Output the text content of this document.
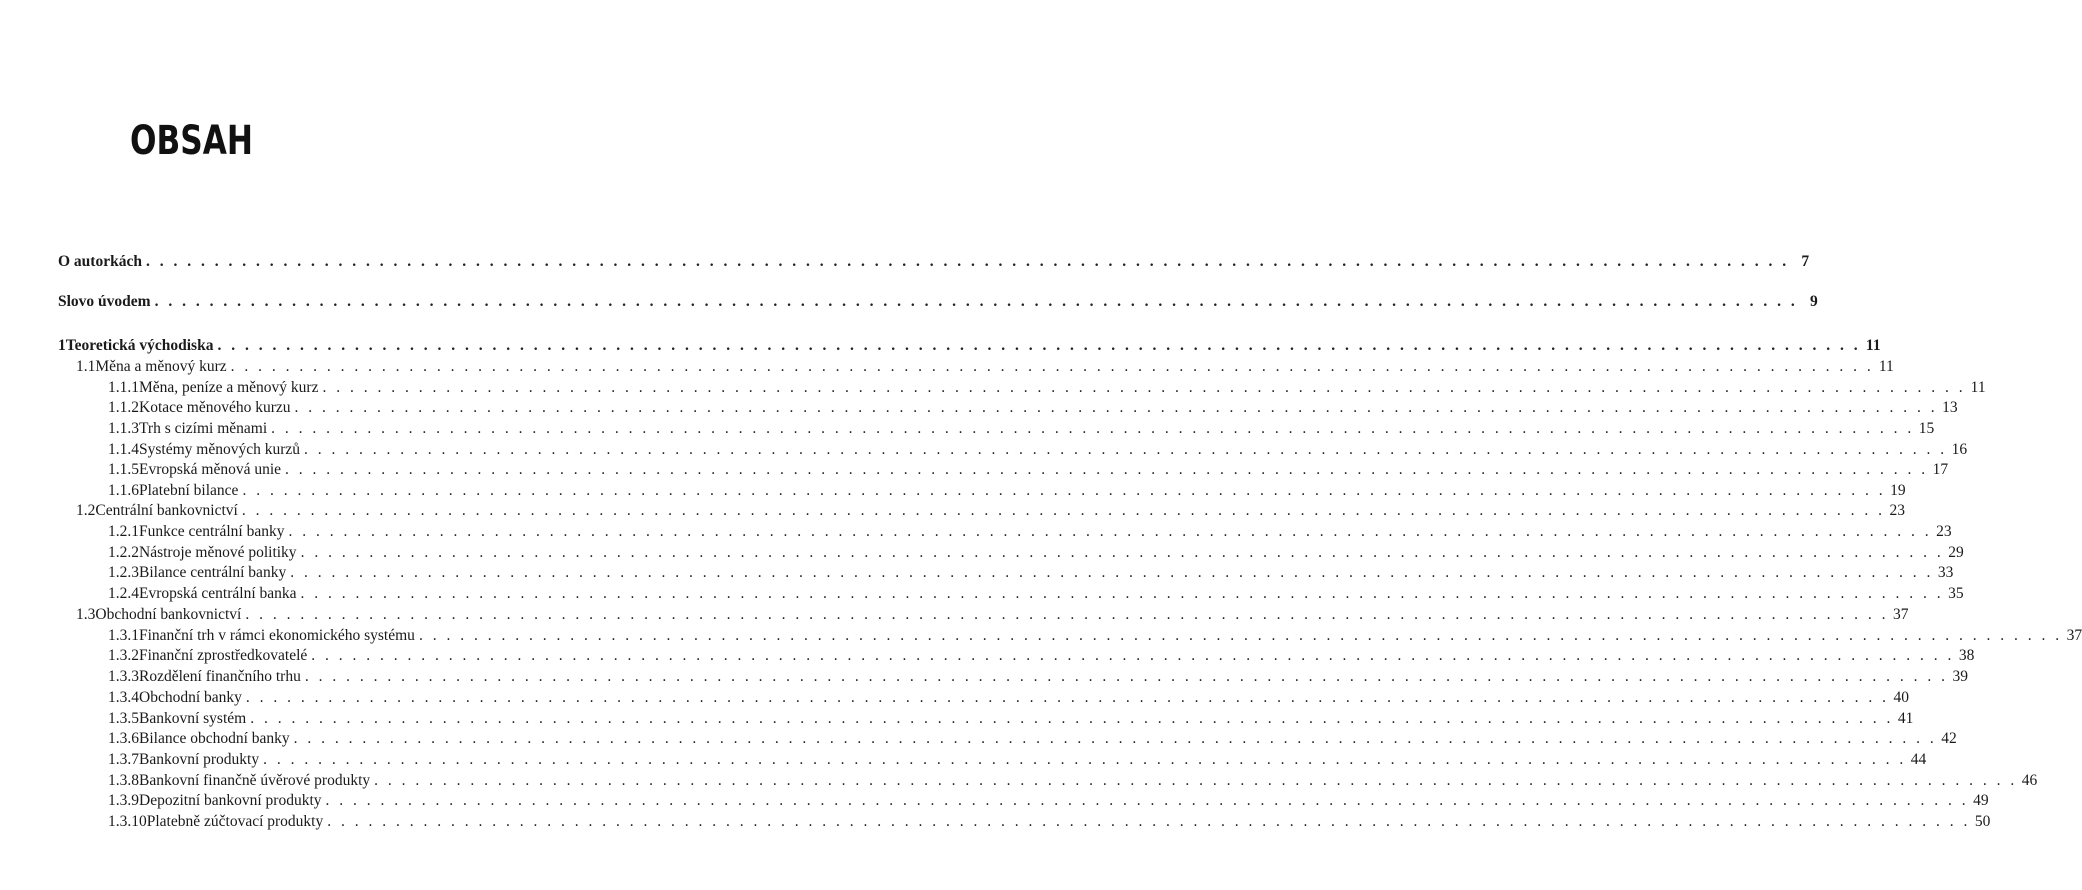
OBSAH
O autorkách . . . . . . . . . . . . . . . . . . . . . . . . . . . . . . . . . . . . . . . . . . . . . . . . . . . . . . . . . . . . . . . . . . . . . . . . . . . . . . . . . . . . . . . . . . . . . . . . . . . . . . . . . . . . . . . . . . . . . . . . 7
Slovo úvodem . . . . . . . . . . . . . . . . . . . . . . . . . . . . . . . . . . . . . . . . . . . . . . . . . . . . . . . . . . . . . . . . . . . . . . . . . . . . . . . . . . . . . . . . . . . . . . . . . . . . . . . . . . . . . . . . . . . . . . . . 9
1 Teoretická východiska . . . . . . . . . . . . . . . . . . . . . . . . . . . . . . . . . . . . . . . . . . . . . . . . . . . . . . . . . . . . . . . . . . . . . . . . . . . . . . . . . . . . . . . . . . . . . . . . . . . . . . . . . . . . . . . . . . . . . . . . 11
1.1 Měna a měnový kurz . . . . . . . . . . . . . . . . . . . . . . . . . . . . . . . . . . . . . . . . . . . . . . . . . . . . . . . . . . . . . . . . . . . . . . . . . . . . . . . . . . . . . . . . . . . . . . . . . . . . . . . . . . . . . . . . . . . . . . . . 11
1.1.1 Měna, peníze a měnový kurz . . . . . . . . . . . . . . . . . . . . . . . . . . . . . . . . . . . . . . . . . . . . . . . . . . . . . . . . . . . . . . . . . . . . . . . . . . . . . . . . . . . . . . . . . . . . . . . . . . . . . . . . . . . . . . . . . . . . . . . . 11
1.1.2 Kotace měnového kurzu . . . . . . . . . . . . . . . . . . . . . . . . . . . . . . . . . . . . . . . . . . . . . . . . . . . . . . . . . . . . . . . . . . . . . . . . . . . . . . . . . . . . . . . . . . . . . . . . . . . . . . . . . . . . . . . . . . . . . . . . 13
1.1.3 Trh s cizími měnami . . . . . . . . . . . . . . . . . . . . . . . . . . . . . . . . . . . . . . . . . . . . . . . . . . . . . . . . . . . . . . . . . . . . . . . . . . . . . . . . . . . . . . . . . . . . . . . . . . . . . . . . . . . . . . . . . . . . . . . . 15
1.1.4 Systémy měnových kurzů . . . . . . . . . . . . . . . . . . . . . . . . . . . . . . . . . . . . . . . . . . . . . . . . . . . . . . . . . . . . . . . . . . . . . . . . . . . . . . . . . . . . . . . . . . . . . . . . . . . . . . . . . . . . . . . . . . . . . . . . 16
1.1.5 Evropská měnová unie . . . . . . . . . . . . . . . . . . . . . . . . . . . . . . . . . . . . . . . . . . . . . . . . . . . . . . . . . . . . . . . . . . . . . . . . . . . . . . . . . . . . . . . . . . . . . . . . . . . . . . . . . . . . . . . . . . . . . . . . 17
1.1.6 Platební bilance . . . . . . . . . . . . . . . . . . . . . . . . . . . . . . . . . . . . . . . . . . . . . . . . . . . . . . . . . . . . . . . . . . . . . . . . . . . . . . . . . . . . . . . . . . . . . . . . . . . . . . . . . . . . . . . . . . . . . . . . 19
1.2 Centrální bankovnictví . . . . . . . . . . . . . . . . . . . . . . . . . . . . . . . . . . . . . . . . . . . . . . . . . . . . . . . . . . . . . . . . . . . . . . . . . . . . . . . . . . . . . . . . . . . . . . . . . . . . . . . . . . . . . . . . . . . . . . . . 23
1.2.1 Funkce centrální banky . . . . . . . . . . . . . . . . . . . . . . . . . . . . . . . . . . . . . . . . . . . . . . . . . . . . . . . . . . . . . . . . . . . . . . . . . . . . . . . . . . . . . . . . . . . . . . . . . . . . . . . . . . . . . . . . . . . . . . . . 23
1.2.2 Nástroje měnové politiky . . . . . . . . . . . . . . . . . . . . . . . . . . . . . . . . . . . . . . . . . . . . . . . . . . . . . . . . . . . . . . . . . . . . . . . . . . . . . . . . . . . . . . . . . . . . . . . . . . . . . . . . . . . . . . . . . . . . . . . . 29
1.2.3 Bilance centrální banky . . . . . . . . . . . . . . . . . . . . . . . . . . . . . . . . . . . . . . . . . . . . . . . . . . . . . . . . . . . . . . . . . . . . . . . . . . . . . . . . . . . . . . . . . . . . . . . . . . . . . . . . . . . . . . . . . . . . . . . . 33
1.2.4 Evropská centrální banka . . . . . . . . . . . . . . . . . . . . . . . . . . . . . . . . . . . . . . . . . . . . . . . . . . . . . . . . . . . . . . . . . . . . . . . . . . . . . . . . . . . . . . . . . . . . . . . . . . . . . . . . . . . . . . . . . . . . . . . . 35
1.3 Obchodní bankovnictví . . . . . . . . . . . . . . . . . . . . . . . . . . . . . . . . . . . . . . . . . . . . . . . . . . . . . . . . . . . . . . . . . . . . . . . . . . . . . . . . . . . . . . . . . . . . . . . . . . . . . . . . . . . . . . . . . . . . . . . . 37
1.3.1 Finanční trh v rámci ekonomického systému . . . . . . . . . . . . . . . . . . . . . . . . . . . . . . . . . . . . . . . . . . . . . . . . . . . . . . . . . . . . . . . . . . . . . . . . . . . . . . . . . . . . . . . . . . . . . . . . . . . . . . . . . . . . . . . . . . . . . . . . 37
1.3.2 Finanční zprostředkovatelé . . . . . . . . . . . . . . . . . . . . . . . . . . . . . . . . . . . . . . . . . . . . . . . . . . . . . . . . . . . . . . . . . . . . . . . . . . . . . . . . . . . . . . . . . . . . . . . . . . . . . . . . . . . . . . . . . . . . . . . . 38
1.3.3 Rozdělení finančního trhu . . . . . . . . . . . . . . . . . . . . . . . . . . . . . . . . . . . . . . . . . . . . . . . . . . . . . . . . . . . . . . . . . . . . . . . . . . . . . . . . . . . . . . . . . . . . . . . . . . . . . . . . . . . . . . . . . . . . . . . . 39
1.3.4 Obchodní banky . . . . . . . . . . . . . . . . . . . . . . . . . . . . . . . . . . . . . . . . . . . . . . . . . . . . . . . . . . . . . . . . . . . . . . . . . . . . . . . . . . . . . . . . . . . . . . . . . . . . . . . . . . . . . . . . . . . . . . . . 40
1.3.5 Bankovní systém . . . . . . . . . . . . . . . . . . . . . . . . . . . . . . . . . . . . . . . . . . . . . . . . . . . . . . . . . . . . . . . . . . . . . . . . . . . . . . . . . . . . . . . . . . . . . . . . . . . . . . . . . . . . . . . . . . . . . . . . 41
1.3.6 Bilance obchodní banky . . . . . . . . . . . . . . . . . . . . . . . . . . . . . . . . . . . . . . . . . . . . . . . . . . . . . . . . . . . . . . . . . . . . . . . . . . . . . . . . . . . . . . . . . . . . . . . . . . . . . . . . . . . . . . . . . . . . . . . . 42
1.3.7 Bankovní produkty . . . . . . . . . . . . . . . . . . . . . . . . . . . . . . . . . . . . . . . . . . . . . . . . . . . . . . . . . . . . . . . . . . . . . . . . . . . . . . . . . . . . . . . . . . . . . . . . . . . . . . . . . . . . . . . . . . . . . . . . 44
1.3.8 Bankovní finančně úvěrové produkty . . . . . . . . . . . . . . . . . . . . . . . . . . . . . . . . . . . . . . . . . . . . . . . . . . . . . . . . . . . . . . . . . . . . . . . . . . . . . . . . . . . . . . . . . . . . . . . . . . . . . . . . . . . . . . . . . . . . . . . . 46
1.3.9 Depozitní bankovní produkty . . . . . . . . . . . . . . . . . . . . . . . . . . . . . . . . . . . . . . . . . . . . . . . . . . . . . . . . . . . . . . . . . . . . . . . . . . . . . . . . . . . . . . . . . . . . . . . . . . . . . . . . . . . . . . . . . . . . . . . . 49
1.3.10 Platebně zúčtovací produkty . . . . . . . . . . . . . . . . . . . . . . . . . . . . . . . . . . . . . . . . . . . . . . . . . . . . . . . . . . . . . . . . . . . . . . . . . . . . . . . . . . . . . . . . . . . . . . . . . . . . . . . . . . . . . . . . . . . . . . . . 50
